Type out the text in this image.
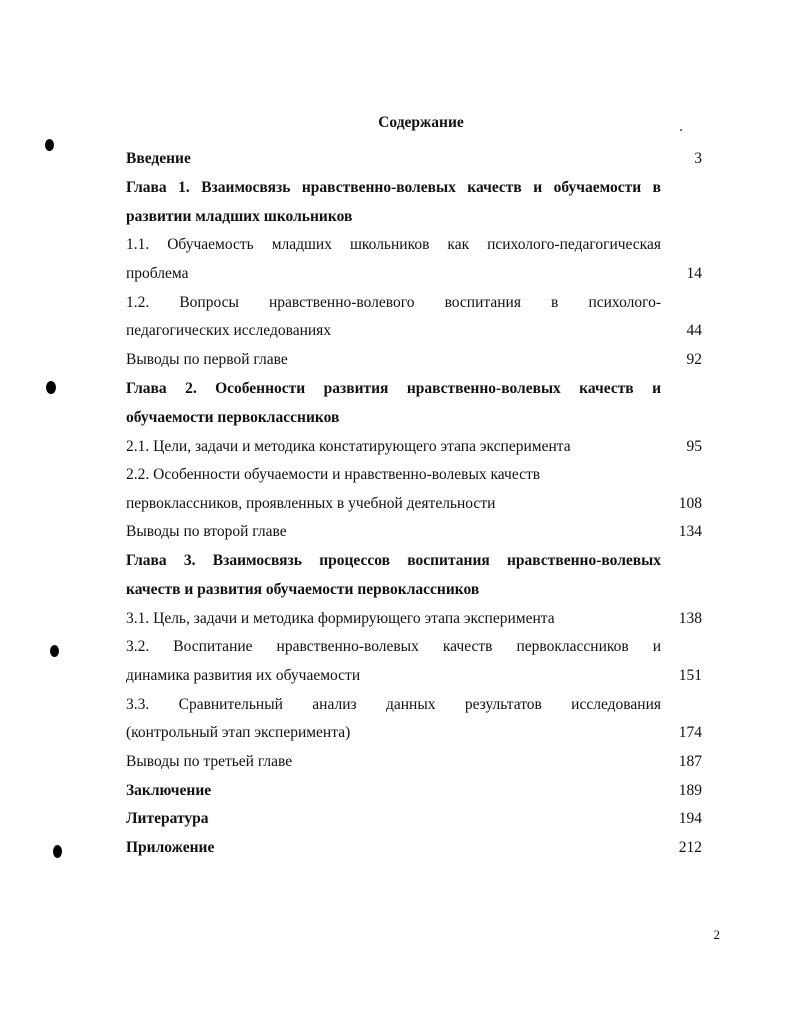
Содержание
Введение	3
Глава 1. Взаимосвязь нравственно-волевых качеств и обучаемости в
развитии младших школьников
1.1. Обучаемость младших школьников как психолого-педагогическая
проблема	14
1.2. Вопросы нравственно-волевого воспитания в психолого-
педагогических исследованиях	44
Выводы по первой главе	92
Глава 2. Особенности развития нравственно-волевых качеств и
обучаемости первоклассников
2.1. Цели, задачи и методика констатирующего этапа эксперимента	95
2.2. Особенности обучаемости и нравственно-волевых качеств
первоклассников, проявленных в учебной деятельности	108
Выводы по второй главе	134
Глава 3. Взаимосвязь процессов воспитания нравственно-волевых
качеств и развития обучаемости первоклассников
3.1. Цель, задачи и методика формирующего этапа эксперимента	138
3.2. Воспитание нравственно-волевых качеств первоклассников и
динамика развития их обучаемости	151
3.3. Сравнительный анализ данных результатов исследования
(контрольный этап эксперимента)	174
Выводы по третьей главе	187
Заключение	189
Литература	194
Приложение	212
2
